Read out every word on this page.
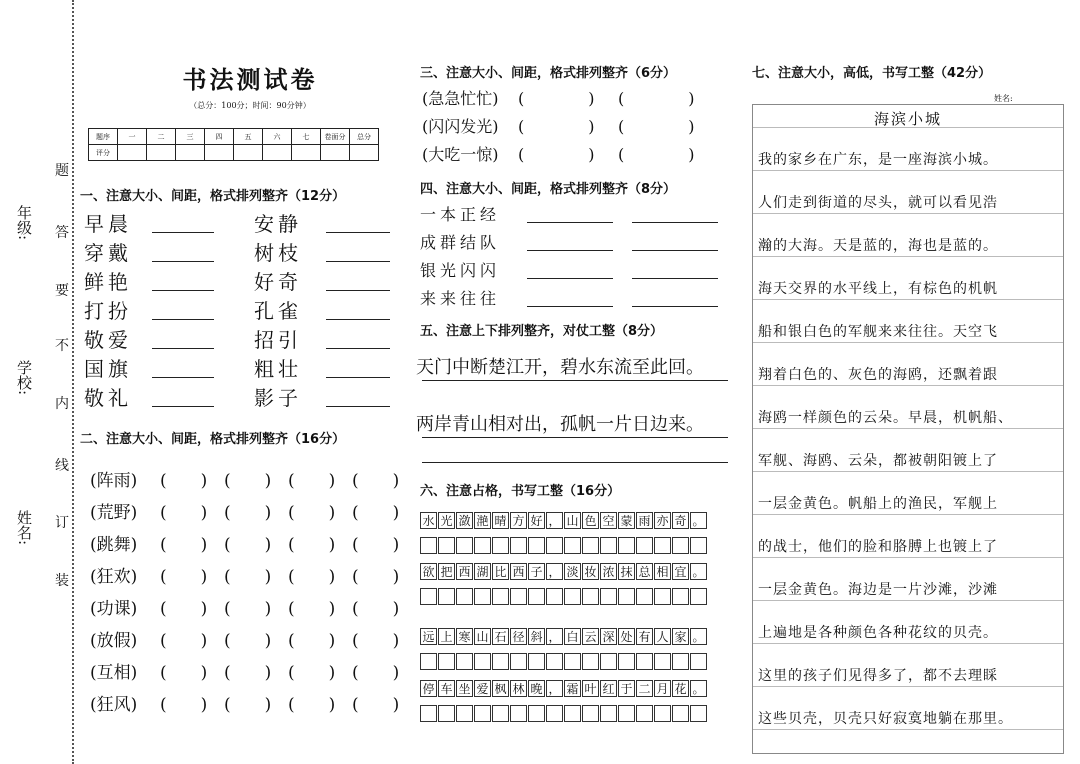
年级:
学校:
姓名:
题
答
要
不
内
线
订
装
书法测试卷
（总分：100分；时间：90分钟）
题序	一	二	三	四	五	六	七	卷面分	总分
评分									
一、注意大小、间距，格式排列整齐（12分）
早晨	安静
穿戴	树枝
鲜艳	好奇
打扮	孔雀
敬爱	招引
国旗	粗壮
敬礼	影子
二、注意大小、间距，格式排列整齐（16分）
(阵雨)	(　　) (　　) (　　) (　　)
(荒野)	(　　) (　　) (　　) (　　)
(跳舞)	(　　) (　　) (　　) (　　)
(狂欢)	(　　) (　　) (　　) (　　)
(功课)	(　　) (　　) (　　) (　　)
(放假)	(　　) (　　) (　　) (　　)
(互相)	(　　) (　　) (　　) (　　)
(狂风)	(　　) (　　) (　　) (　　)
三、注意大小、间距，格式排列整齐（6分）
(急急忙忙)	(　　　　)	(　　　　)
(闪闪发光)	(　　　　)	(　　　　)
(大吃一惊)	(　　　　)	(　　　　)
四、注意大小、间距，格式排列整齐（8分）
一本正经
成群结队
银光闪闪
来来往往
五、注意上下排列整齐，对仗工整（8分）
天门中断楚江开，碧水东流至此回。
两岸青山相对出，孤帆一片日边来。
六、注意占格，书写工整（16分）
水 光 潋 滟 晴 方 好 ， 山 色 空 蒙 雨 亦 奇 。
欲 把 西 湖 比 西 子 ， 淡 妆 浓 抹 总 相 宜 。
远 上 寒 山 石 径 斜 ， 白 云 深 处 有 人 家 。
停 车 坐 爱 枫 林 晚 ， 霜 叶 红 于 二 月 花 。
七、注意大小，高低，书写工整（42分）
姓名:
海滨小城
我的家乡在广东，是一座海滨小城。
人们走到街道的尽头，就可以看见浩
瀚的大海。天是蓝的，海也是蓝的。
海天交界的水平线上，有棕色的机帆
船和银白色的军舰来来往往。天空飞
翔着白色的、灰色的海鸥，还飘着跟
海鸥一样颜色的云朵。早晨，机帆船、
军舰、海鸥、云朵，都被朝阳镀上了
一层金黄色。帆船上的渔民，军舰上
的战士，他们的脸和胳膊上也镀上了
一层金黄色。海边是一片沙滩，沙滩
上遍地是各种颜色各种花纹的贝壳。
这里的孩子们见得多了，都不去理睬
这些贝壳，贝壳只好寂寞地躺在那里。
